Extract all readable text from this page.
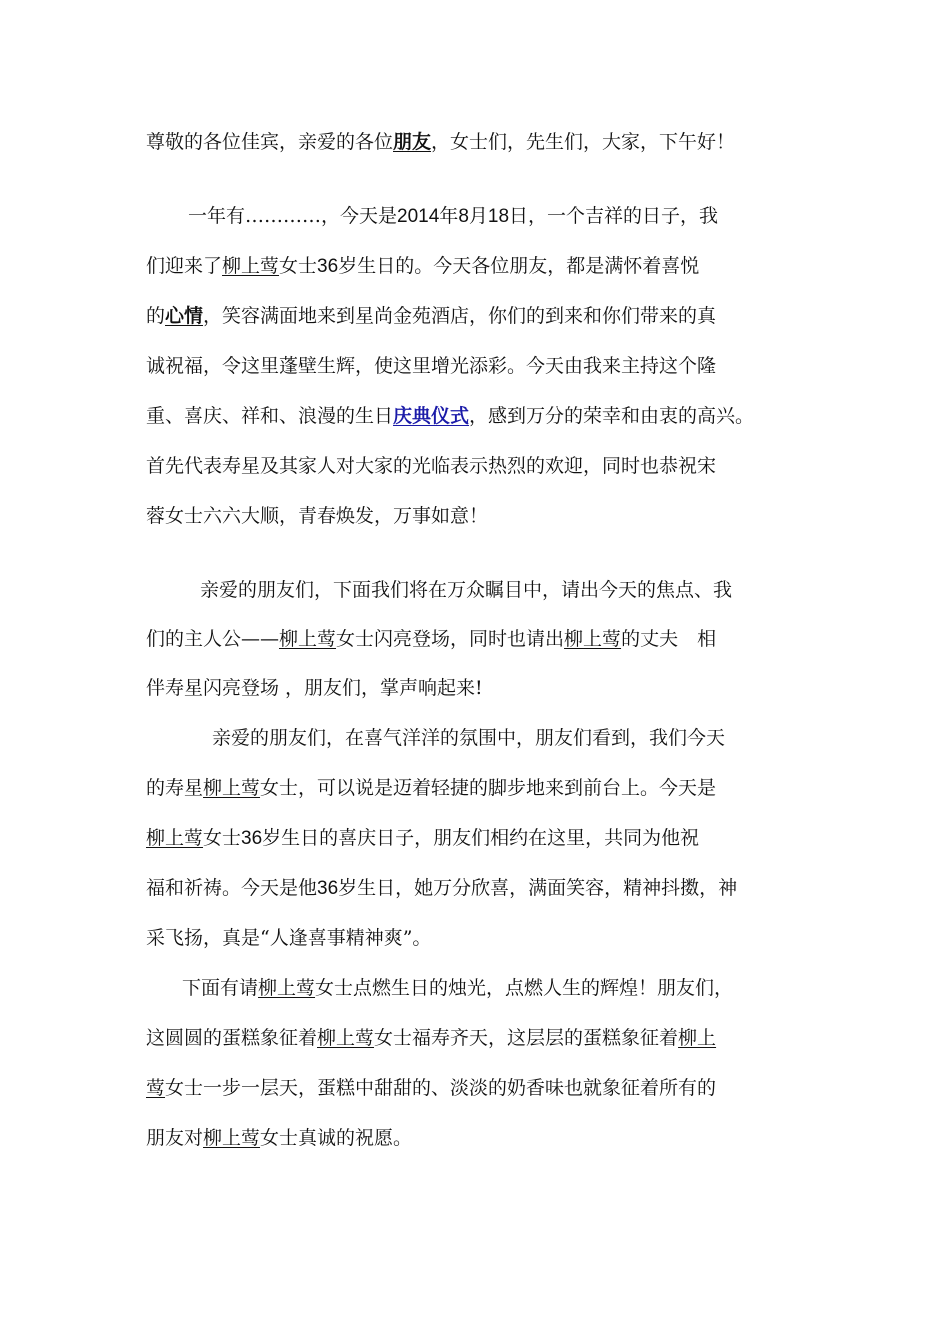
尊敬的各位佳宾，亲爱的各位朋友，女士们，先生们，大家，下午好！
一年有…………，今天是2014年8月18日，一个吉祥的日子，我
们迎来了柳上莺女士36岁生日的。今天各位朋友，都是满怀着喜悦
的心情，笑容满面地来到星尚金苑酒店，你们的到来和你们带来的真
诚祝福，令这里蓬壁生辉，使这里增光添彩。今天由我来主持这个隆
重、喜庆、祥和、浪漫的生日庆典仪式，感到万分的荣幸和由衷的高兴。
首先代表寿星及其家人对大家的光临表示热烈的欢迎，同时也恭祝宋
蓉女士六六大顺，青春焕发，万事如意！
亲爱的朋友们，下面我们将在万众瞩目中，请出今天的焦点、我
们的主人公——柳上莺女士闪亮登场，同时也请出柳上莺的丈夫　相
伴寿星闪亮登场 ，朋友们，掌声响起来!
亲爱的朋友们，在喜气洋洋的氛围中，朋友们看到，我们今天
的寿星柳上莺女士，可以说是迈着轻捷的脚步地来到前台上。今天是
柳上莺女士36岁生日的喜庆日子，朋友们相约在这里，共同为他祝
福和祈祷。今天是他36岁生日，她万分欣喜，满面笑容，精神抖擞，神
采飞扬，真是“人逢喜事精神爽”。
下面有请柳上莺女士点燃生日的烛光，点燃人生的辉煌！朋友们，
这圆圆的蛋糕象征着柳上莺女士福寿齐天，这层层的蛋糕象征着柳上
莺女士一步一层天，蛋糕中甜甜的、淡淡的奶香味也就象征着所有的
朋友对柳上莺女士真诚的祝愿。
